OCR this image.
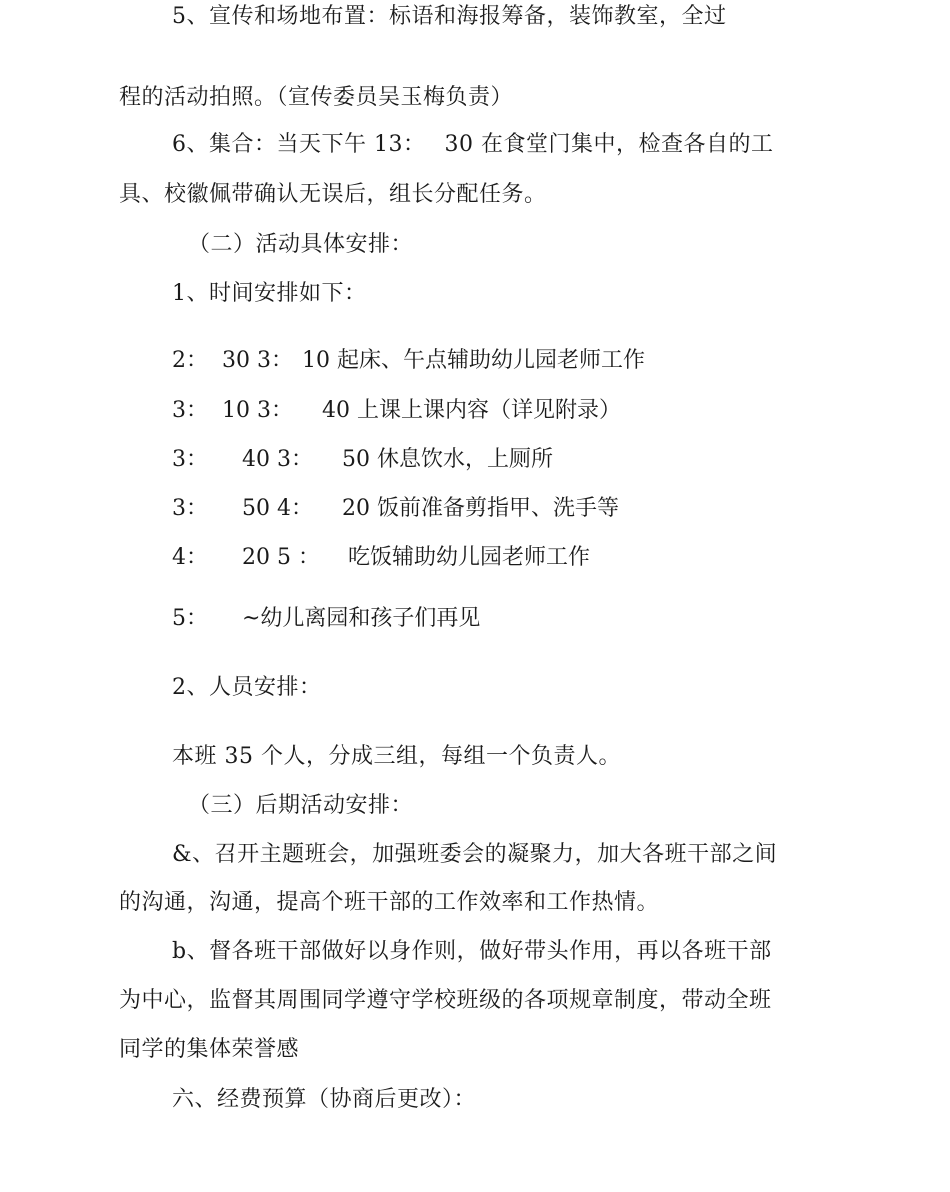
5、宣传和场地布置：标语和海报筹备，装饰教室，全过
程的活动拍照。（宣传委员吴玉梅负责）
6、集合：当天下午 13：　 30 在食堂门集中，检查各自的工
具、校徽佩带确认无误后，组长分配任务。
（二）活动具体安排：
1、时间安排如下：
2： 30 3： 10 起床、午点辅助幼儿园老师工作
3： 10 3： 40 上课上课内容（详见附录）
3： 40 3： 50 休息饮水，上厕所
3： 50 4： 20 饭前准备剪指甲、洗手等
4： 20 5 ： 吃饭辅助幼儿园老师工作
5： ~幼儿离园和孩子们再见
2、人员安排：
本班 35 个人，分成三组，每组一个负责人。
（三）后期活动安排：
&、召开主题班会，加强班委会的凝聚力，加大各班干部之间
的沟通，沟通，提高个班干部的工作效率和工作热情。
b、督各班干部做好以身作则，做好带头作用，再以各班干部
为中心，监督其周围同学遵守学校班级的各项规章制度，带动全班
同学的集体荣誉感
六、经费预算（协商后更改）：
